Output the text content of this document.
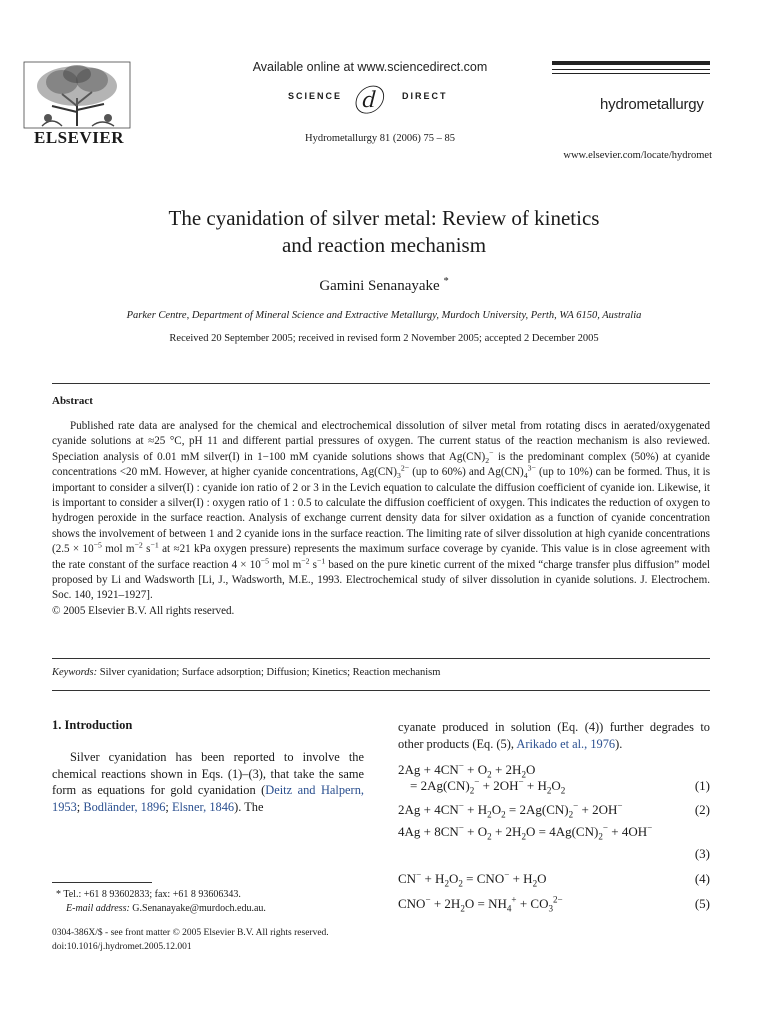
ELSEVIER
Available online at www.sciencedirect.com
SCIENCE ⓓ DIRECT
Hydrometallurgy 81 (2006) 75 – 85
hydrometallurgy
www.elsevier.com/locate/hydromet
The cyanidation of silver metal: Review of kinetics
and reaction mechanism
Gamini Senanayake *
Parker Centre, Department of Mineral Science and Extractive Metallurgy, Murdoch University, Perth, WA 6150, Australia
Received 20 September 2005; received in revised form 2 November 2005; accepted 2 December 2005
Abstract

Published rate data are analysed for the chemical and electrochemical dissolution of silver metal from rotating discs in aerated/oxygenated cyanide solutions at ≈25 °C, pH 11 and different partial pressures of oxygen. The current status of the reaction mechanism is also reviewed. Speciation analysis of 0.01 mM silver(I) in 1−100 mM cyanide solutions shows that $Ag(CN)_2^-$ is the predominant complex (50%) at cyanide concentrations <20 mM. However, at higher cyanide concentrations, $Ag(CN)_3^{2-}$ (up to 60%) and $Ag(CN)_4^{3-}$ (up to 10%) can be formed. Thus, it is important to consider a silver(I) : cyanide ion ratio of 2 or 3 in the Levich equation to calculate the diffusion coefficient of cyanide ion. Likewise, it is important to consider a silver(I) : oxygen ratio of 1 : 0.5 to calculate the diffusion coefficient of oxygen. This indicates the reduction of oxygen to hydrogen peroxide in the surface reaction. Analysis of exchange current density data for silver oxidation as a function of cyanide concentration shows the involvement of between 1 and 2 cyanide ions in the surface reaction. The limiting rate of silver dissolution at high cyanide concentrations ($2.5 \times 10^{-5}$ mol $m^{-2}$ $s^{-1}$ at ≈21 kPa oxygen pressure) represents the maximum surface coverage by cyanide. This value is in close agreement with the rate constant of the surface reaction $4 \times 10^{-5}$ mol $m^{-2}$ $s^{-1}$ based on the pure kinetic current of the mixed “charge transfer plus diffusion” model proposed by Li and Wadsworth [Li, J., Wadsworth, M.E., 1993. Electrochemical study of silver dissolution in cyanide solutions. J. Electrochem. Soc. 140, 1921–1927].

© 2005 Elsevier B.V. All rights reserved.

Keywords: Silver cyanidation; Surface adsorption; Diffusion; Kinetics; Reaction mechanism
1. Introduction
Silver cyanidation has been reported to involve the chemical reactions shown in Eqs. (1)–(3), that take the same form as equations for gold cyanidation (Deitz and Halpern, 1953; Bodländer, 1896; Elsner, 1846). The
* Tel.: +61 8 93602833; fax: +61 8 93606343.
E-mail address: G.Senanayake@murdoch.edu.au.
0304-386X/$ - see front matter © 2005 Elsevier B.V. All rights reserved.
doi:10.1016/j.hydromet.2005.12.001
cyanate produced in solution (Eq. (4)) further degrades to other products (Eq. (5), Arikado et al., 1976).
$2Ag + 4CN^- + O_2 + 2H_2O$
= $2Ag(CN)_2^- + 2OH^- + H_2O_2$	(1)
$2Ag + 4CN^- + H_2O_2 = 2Ag(CN)_2^- + 2OH^-$	(2)
$4Ag + 8CN^- + O_2 + 2H_2O = 4Ag(CN)_2^- + 4OH^-$
(3)
$CN^- + H_2O_2 = CNO^- + H_2O$	(4)
$CNO^- + 2H_2O = NH_4^+ + CO_3^{2-}$	(5)
